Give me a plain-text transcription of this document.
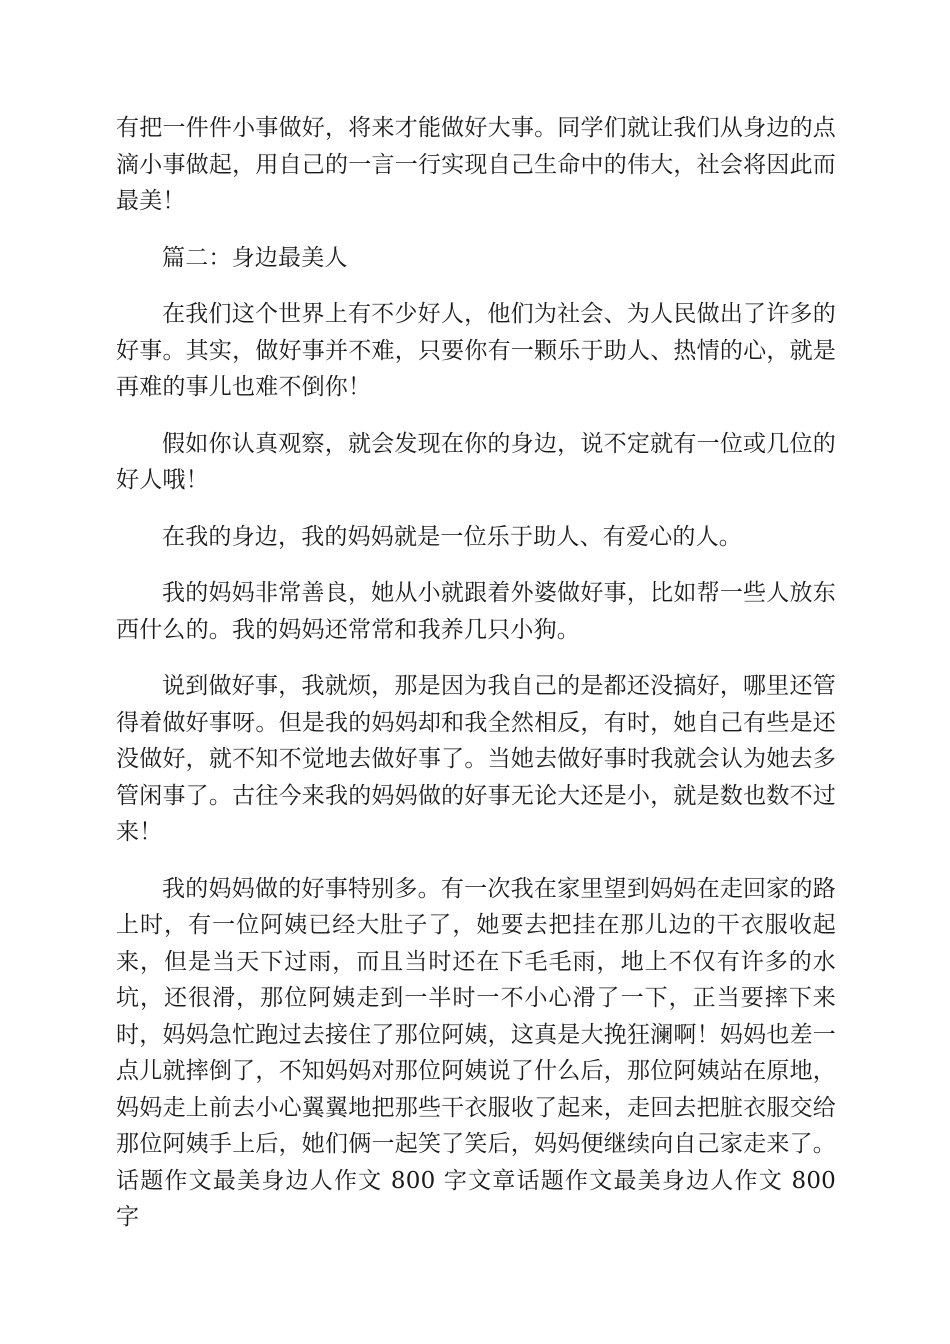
有把一件件小事做好，将来才能做好大事。同学们就让我们从身边的点滴小事做起，用自己的一言一行实现自己生命中的伟大，社会将因此而最美！

篇二：身边最美人

在我们这个世界上有不少好人，他们为社会、为人民做出了许多的好事。其实，做好事并不难，只要你有一颗乐于助人、热情的心，就是再难的事儿也难不倒你！

假如你认真观察，就会发现在你的身边，说不定就有一位或几位的好人哦！

在我的身边，我的妈妈就是一位乐于助人、有爱心的人。

我的妈妈非常善良，她从小就跟着外婆做好事，比如帮一些人放东西什么的。我的妈妈还常常和我养几只小狗。

说到做好事，我就烦，那是因为我自己的是都还没搞好，哪里还管得着做好事呀。但是我的妈妈却和我全然相反，有时，她自己有些是还没做好，就不知不觉地去做好事了。当她去做好事时我就会认为她去多管闲事了。古往今来我的妈妈做的好事无论大还是小，就是数也数不过来！

我的妈妈做的好事特别多。有一次我在家里望到妈妈在走回家的路上时，有一位阿姨已经大肚子了，她要去把挂在那儿边的干衣服收起来，但是当天下过雨，而且当时还在下毛毛雨，地上不仅有许多的水坑，还很滑，那位阿姨走到一半时一不小心滑了一下，正当要摔下来时，妈妈急忙跑过去接住了那位阿姨，这真是大挽狂澜啊！妈妈也差一点儿就摔倒了，不知妈妈对那位阿姨说了什么后，那位阿姨站在原地，妈妈走上前去小心翼翼地把那些干衣服收了起来，走回去把脏衣服交给那位阿姨手上后，她们俩一起笑了笑后，妈妈便继续向自己家走来了。话题作文最美身边人作文 800 字文章话题作文最美身边人作文 800 字
